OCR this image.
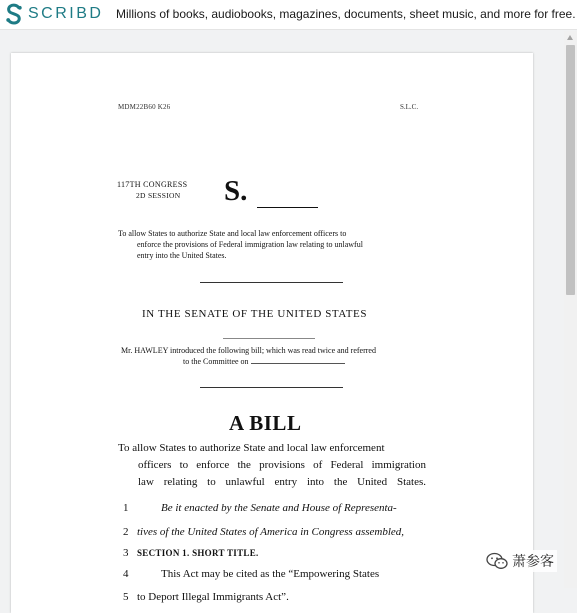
SCRIBD Millions of books, audiobooks, magazines, documents, sheet music, and more for free.
MDM22B60 K26	S.L.C.
117TH CONGRESS
2D SESSION S.
To allow States to authorize State and local law enforcement officers to
enforce the provisions of Federal immigration law relating to unlawful
entry into the United States.
IN THE SENATE OF THE UNITED STATES
Mr. HAWLEY introduced the following bill; which was read twice and referred
to the Committee on
A BILL
To allow States to authorize State and local law enforcement
officers to enforce the provisions of Federal immigration
law relating to unlawful entry into the United States.
1	Be it enacted by the Senate and House of Representa-
2 tives of the United States of America in Congress assembled,
3 SECTION 1. SHORT TITLE.
4	This Act may be cited as the “Empowering States
5 to Deport Illegal Immigrants Act”.
萧参客
